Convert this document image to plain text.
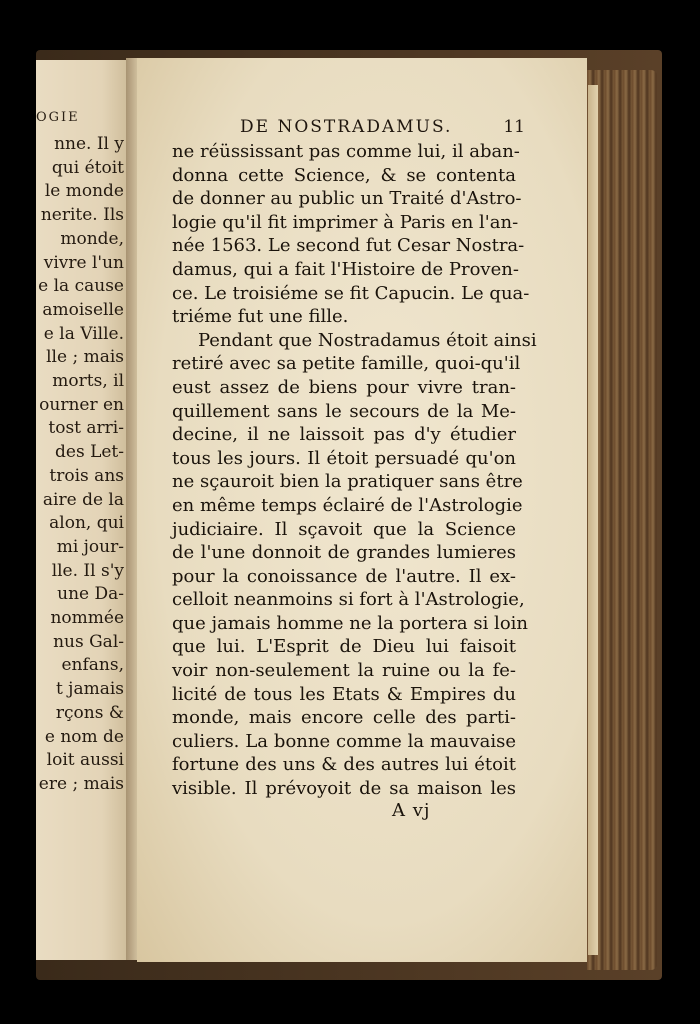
OGIE
nne. Il y
qui étoit
le monde
nerite. Ils
monde,
vivre l'un
e la cause
amoiselle
e la Ville.
lle ; mais
morts, il
ourner en
tost arri-
des Let-
trois ans
aire de la
alon, qui
mi jour-
lle. Il s'y
une Da-
nommée
nus Gal-
enfans,
t jamais
rçons &
e nom de
loit aussi
ere ; mais
DE NOSTRADAMUS.	11
ne réüssissant pas comme lui, il aban-
donna cette Science, & se contenta
de donner au public un Traité d'Astro-
logie qu'il fit imprimer à Paris en l'an-
née 1563. Le second fut Cesar Nostra-
damus, qui a fait l'Histoire de Proven-
ce. Le troisiéme se fit Capucin. Le qua-
triéme fut une fille.
Pendant que Nostradamus étoit ainsi
retiré avec sa petite famille, quoi-qu'il
eust assez de biens pour vivre tran-
quillement sans le secours de la Me-
decine, il ne laissoit pas d'y étudier
tous les jours. Il étoit persuadé qu'on
ne sçauroit bien la pratiquer sans être
en même temps éclairé de l'Astrologie
judiciaire. Il sçavoit que la Science
de l'une donnoit de grandes lumieres
pour la conoissance de l'autre. Il ex-
celloit neanmoins si fort à l'Astrologie,
que jamais homme ne la portera si loin
que lui. L'Esprit de Dieu lui faisoit
voir non-seulement la ruine ou la fe-
licité de tous les Etats & Empires du
monde, mais encore celle des parti-
culiers. La bonne comme la mauvaise
fortune des uns & des autres lui étoit
visible. Il prévoyoit de sa maison les
A vj
